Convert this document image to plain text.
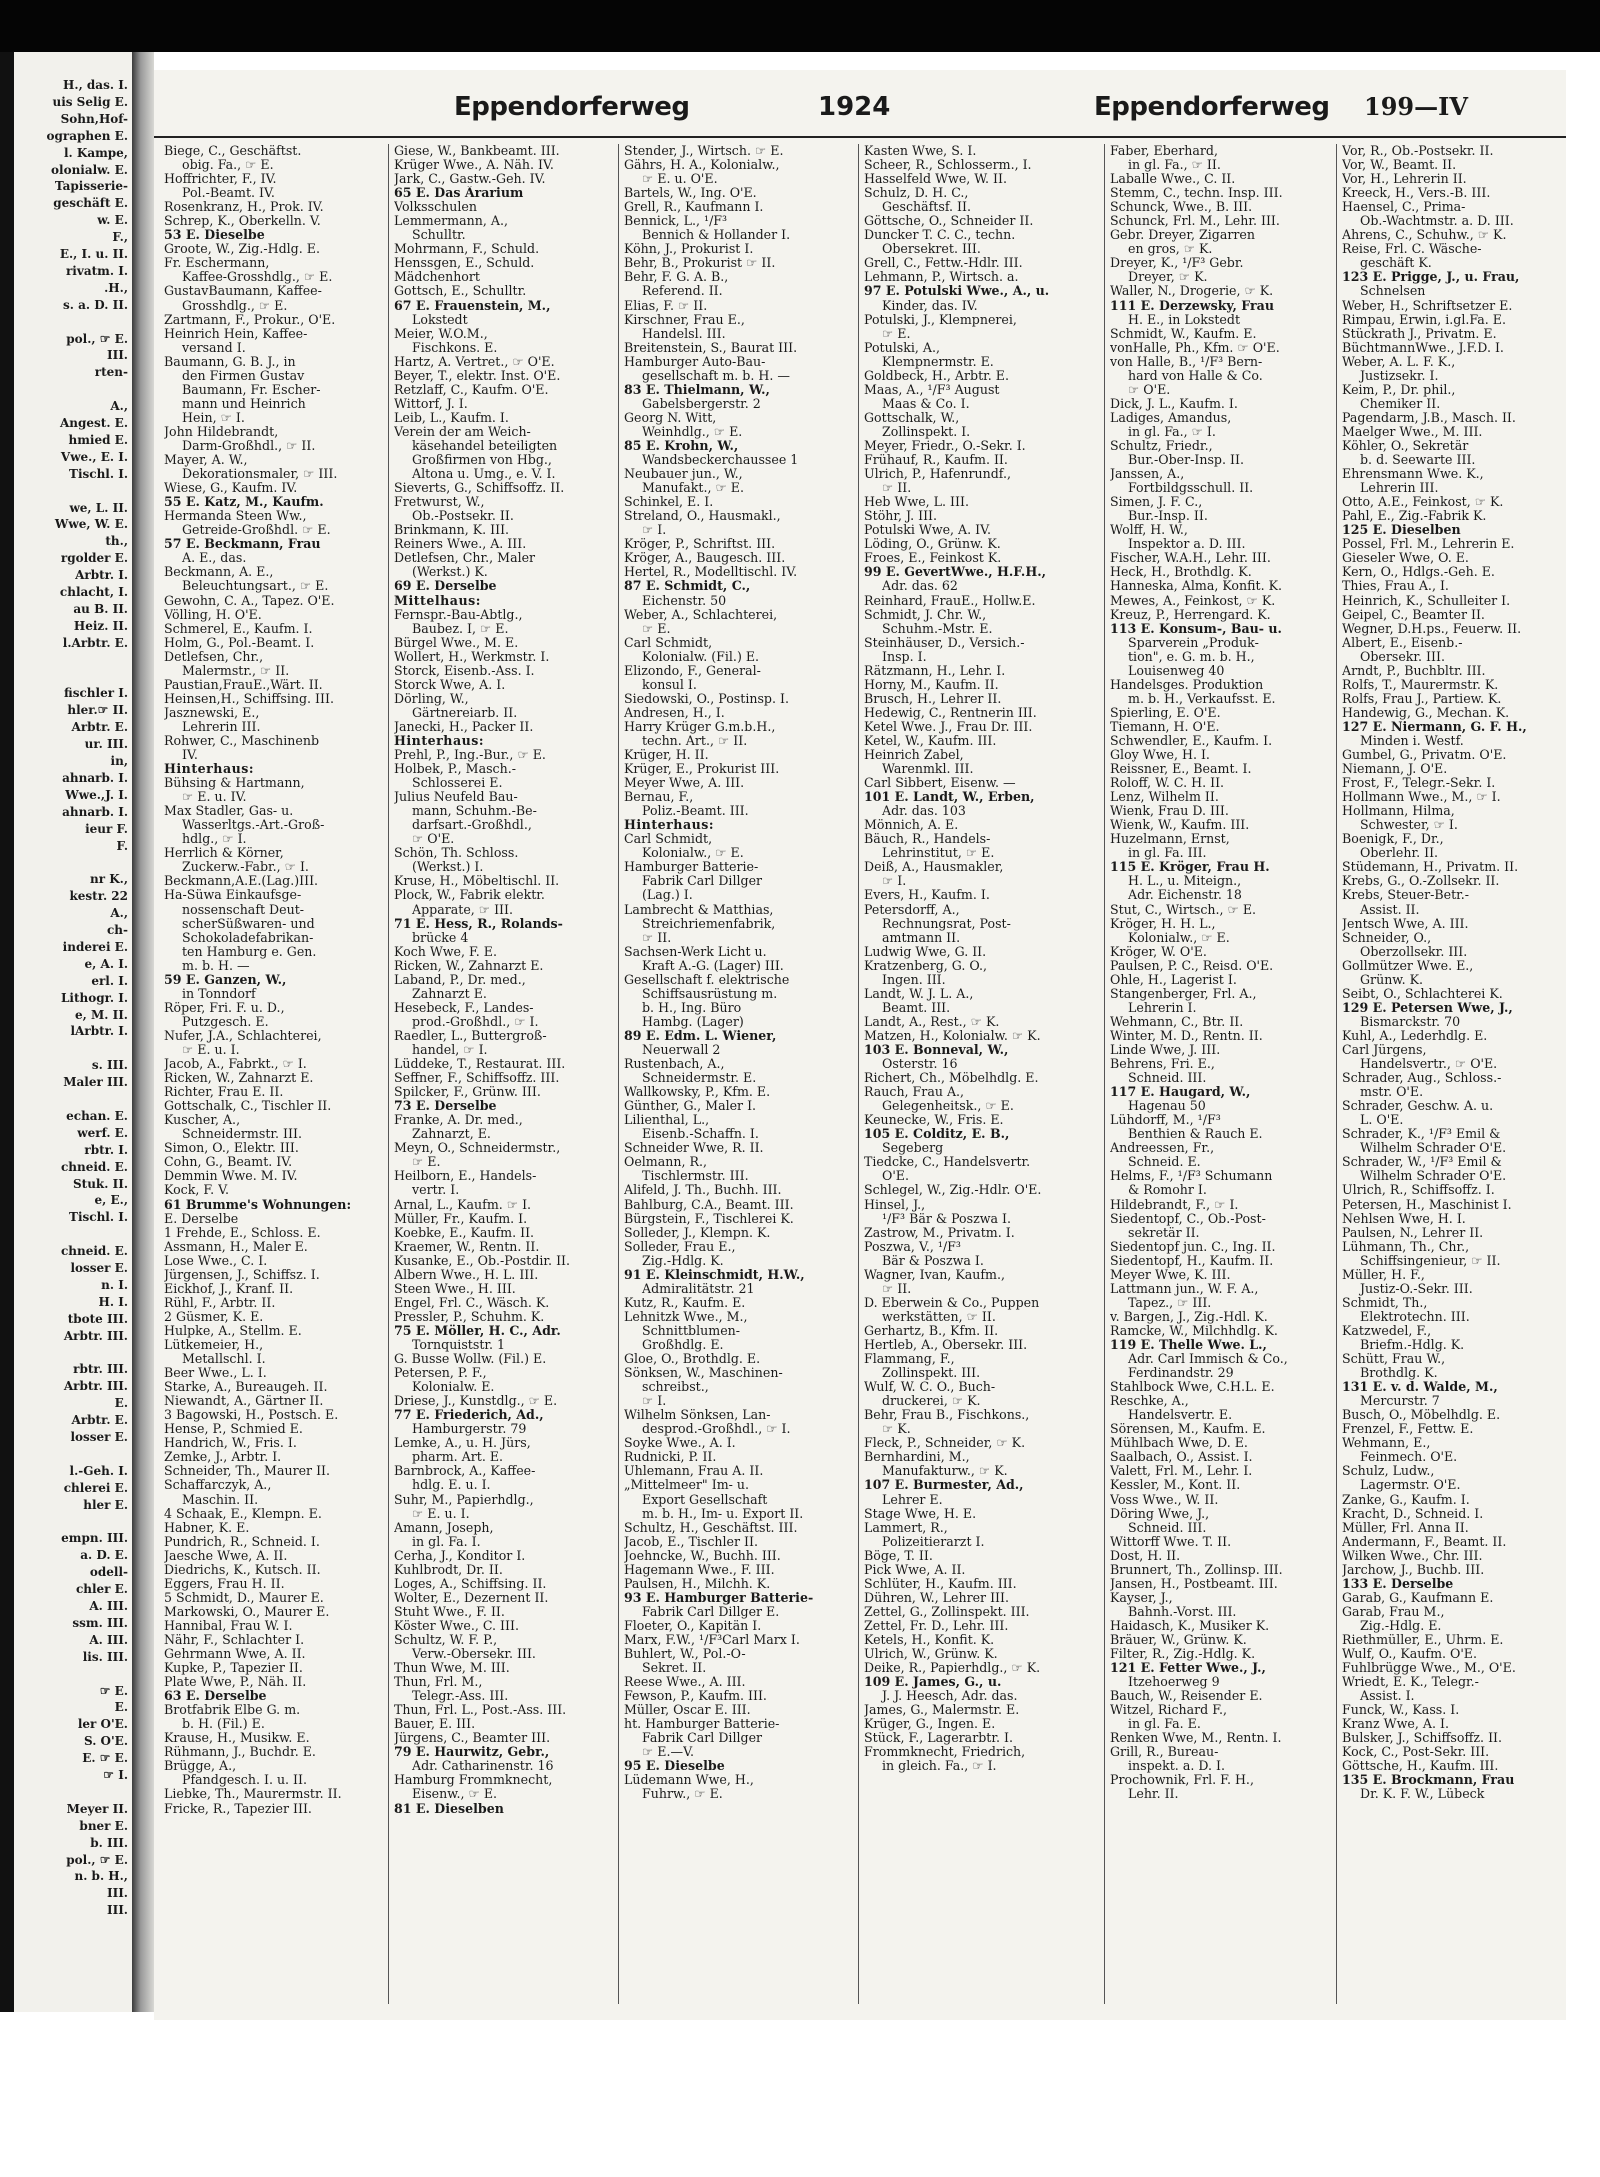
H., das. I.
uis Selig E.
Sohn,Hof-
ographen E.
l. Kampe,
olonialw. E.
Tapisserie-
geschäft E.
w. E.
F.,
E., I. u. II.
rivatm. I.
.H.,
s. a. D. II.
pol., ☞ E.
III.
rten-
A.,
Angest. E.
hmied E.
Vwe., E. I.
Tischl. I.
we, L. II.
Wwe, W. E.
th.,
rgolder E.
Arbtr. I.
chlacht, I.
au B. II.
Heiz. II.
l.Arbtr. E.
fischler I.
hler.☞ II.
Arbtr. E.
ur. III.
in,
ahnarb. I.
Wwe.,J. I.
ahnarb. I.
ieur F.
F.
nr K.,
kestr. 22
A.,
ch-
inderei E.
e, A. I.
erl. I.
Lithogr. I.
e, M. II.
lArbtr. I.
s. III.
Maler III.
echan. E.
werf. E.
rbtr. I.
chneid. E.
Stuk. II.
e, E.,
Tischl. I.
chneid. E.
losser E.
n. I.
H. I.
tbote III.
Arbtr. III.
rbtr. III.
Arbtr. III.
E.
Arbtr. E.
losser E.
l.-Geh. I.
chlerei E.
hler E.
empn. III.
a. D. E.
odell-
chler E.
A. III.
ssm. III.
A. III.
lis. III.
☞ E.
E.
ler O'E.
S. O'E.
E. ☞ E.
☞ I.
Meyer II.
bner E.
b. III.
pol., ☞ E.
n. b. H.,
III.
III.
Eppendorferweg	1924	Eppendorferweg 199—IV
Biege, C., Geschäftst.
obig. Fa., ☞ E.
Hoffrichter, F., IV.
Pol.-Beamt. IV.
Rosenkranz, H., Prok. IV.
Schrep, K., Oberkelln. V.
53 E. Dieselbe
Groote, W., Zig.-Hdlg. E.
Fr. Eschermann,
Kaffee-Grosshdlg., ☞ E.
GustavBaumann, Kaffee-
Grosshdlg., ☞ E.
Zartmann, F., Prokur., O'E.
Heinrich Hein, Kaffee-
versand I.
Baumann, G. B. J., in
den Firmen Gustav
Baumann, Fr. Escher-
mann und Heinrich
Hein, ☞ I.
John Hildebrandt,
Darm-Großhdl., ☞ II.
Mayer, A. W.,
Dekorationsmaler, ☞ III.
Wiese, G., Kaufm. IV.
55 E. Katz, M., Kaufm.
Hermanda Steen Ww.,
Getreide-Großhdl. ☞ E.
57 E. Beckmann, Frau
A. E., das.
Beckmann, A. E.,
Beleuchtungsart., ☞ E.
Gewohn, C. A., Tapez. O'E.
Völling, H. O'E.
Schmerel, E., Kaufm. I.
Holm, G., Pol.-Beamt. I.
Detlefsen, Chr.,
Malermstr., ☞ II.
Paustian,FrauE.,Wärt. II.
Heinsen,H., Schiffsing. III.
Jasznewski, E.,
Lehrerin III.
Rohwer, C., Maschinenb
IV.
Hinterhaus:
Bühsing & Hartmann,
☞ E. u. IV.
Max Stadler, Gas- u.
Wasserltgs.-Art.-Groß-
hdlg., ☞ I.
Herrlich & Körner,
Zuckerw.-Fabr., ☞ I.
Beckmann,A.E.(Lag.)III.
Ha-Süwa Einkaufsge-
nossenschaft Deut-
scherSüßwaren- und
Schokoladefabrikan-
ten Hamburg e. Gen.
m. b. H. —
59 E. Ganzen, W.,
in Tonndorf
Röper, Fri. F. u. D.,
Putzgesch. E.
Nufer, J.A., Schlachterei,
☞ E. u. I.
Jacob, A., Fabrkt., ☞ I.
Ricken, W., Zahnarzt E.
Richter, Frau E. II.
Gottschalk, C., Tischler II.
Kuscher, A.,
Schneidermstr. III.
Simon, O., Elektr. III.
Cohn, G., Beamt. IV.
Demmin Wwe. M. IV.
Kock, F. V.
61 Brumme's Wohnungen:
E. Derselbe
1 Frehde, E., Schloss. E.
Assmann, H., Maler E.
Lose Wwe., C. I.
Jürgensen, J., Schiffsz. I.
Eickhof, J., Kranf. II.
Rühl, F., Arbtr. II.
2 Güsmer, K. E.
Hulpke, A., Stellm. E.
Lütkemeier, H.,
Metallschl. I.
Beer Wwe., L. I.
Starke, A., Bureaugeh. II.
Niewandt, A., Gärtner II.
3 Bagowski, H., Postsch. E.
Hense, P., Schmied E.
Handrich, W., Fris. I.
Zemke, J., Arbtr. I.
Schneider, Th., Maurer II.
Schaffarczyk, A.,
Maschin. II.
4 Schaak, E., Klempn. E.
Habner, K. E.
Pundrich, R., Schneid. I.
Jaesche Wwe, A. II.
Diedrichs, K., Kutsch. II.
Eggers, Frau H. II.
5 Schmidt, D., Maurer E.
Markowski, O., Maurer E.
Hannibal, Frau W. I.
Nähr, F., Schlachter I.
Gehrmann Wwe, A. II.
Kupke, P., Tapezier II.
Plate Wwe, P., Näh. II.
63 E. Derselbe
Brotfabrik Elbe G. m.
b. H. (Fil.) E.
Krause, H., Musikw. E.
Rühmann, J., Buchdr. E.
Brügge, A.,
Pfandgesch. I. u. II.
Liebke, Th., Maurermstr. II.
Fricke, R., Tapezier III.
Giese, W., Bankbeamt. III.
Krüger Wwe., A. Näh. IV.
Jark, C., Gastw.-Geh. IV.
65 E. Das Ärarium
Volksschulen
Lemmermann, A.,
Schulltr.
Mohrmann, F., Schuld.
Henssgen, E., Schuld.
Mädchenhort
Gottsch, E., Schulltr.
67 E. Frauenstein, M.,
Lokstedt
Meier, W.O.M.,
Fischkons. E.
Hartz, A. Vertret., ☞ O'E.
Beyer, T., elektr. Inst. O'E.
Retzlaff, C., Kaufm. O'E.
Wittorf, J. I.
Leib, L., Kaufm. I.
Verein der am Weich-
käsehandel beteiligten
Großfirmen von Hbg.,
Altona u. Umg., e. V. I.
Sieverts, G., Schiffsoffz. II.
Fretwurst, W.,
Ob.-Postsekr. II.
Brinkmann, K. III.
Reiners Wwe., A. III.
Detlefsen, Chr., Maler
(Werkst.) K.
69 E. Derselbe
Mittelhaus:
Fernspr.-Bau-Abtlg.,
Baubez. I, ☞ E.
Bürgel Wwe., M. E.
Wollert, H., Werkmstr. I.
Storck, Eisenb.-Ass. I.
Storck Wwe, A. I.
Dörling, W.,
Gärtnereiarb. II.
Janecki, H., Packer II.
Hinterhaus:
Prehl, P., Ing.-Bur., ☞ E.
Holbek, P., Masch.-
Schlosserei E.
Julius Neufeld Bau-
mann, Schuhm.-Be-
darfsart.-Großhdl.,
☞ O'E.
Schön, Th. Schloss.
(Werkst.) I.
Kruse, H., Möbeltischl. II.
Plock, W., Fabrik elektr.
Apparate, ☞ III.
71 E. Hess, R., Rolands-
brücke 4
Koch Wwe, F. E.
Ricken, W., Zahnarzt E.
Laband, P., Dr. med.,
Zahnarzt E.
Hesebeck, F., Landes-
prod.-Großhdl., ☞ I.
Raedler, L., Buttergroß-
handel, ☞ I.
Lüddeke, T., Restaurat. III.
Seffner, F., Schiffsoffz. III.
Spilcker, F., Grünw. III.
73 E. Derselbe
Franke, A. Dr. med.,
Zahnarzt, E.
Meyn, O., Schneidermstr.,
☞ E.
Heilborn, E., Handels-
vertr. I.
Arnal, L., Kaufm. ☞ I.
Müller, Fr., Kaufm. I.
Koebke, E., Kaufm. II.
Kraemer, W., Rentn. II.
Kusanke, E., Ob.-Postdir. II.
Albern Wwe., H. L. III.
Steen Wwe., H. III.
Engel, Frl. C., Wäsch. K.
Pressler, P., Schuhm. K.
75 E. Möller, H. C., Adr.
Tornquiststr. 1
G. Busse Wollw. (Fil.) E.
Petersen, P. F.,
Kolonialw. E.
Driese, J., Kunstdlg., ☞ E.
77 E. Friederich, Ad.,
Hamburgerstr. 79
Lemke, A., u. H. Jürs,
pharm. Art. E.
Barnbrock, A., Kaffee-
hdlg. E. u. I.
Suhr, M., Papierhdlg.,
☞ E. u. I.
Amann, Joseph,
in gl. Fa. I.
Cerha, J., Konditor I.
Kuhlbrodt, Dr. II.
Loges, A., Schiffsing. II.
Wolter, E., Dezernent II.
Stuht Wwe., F. II.
Köster Wwe., C. III.
Schultz, W. F. P.,
Verw.-Obersekr. III.
Thun Wwe, M. III.
Thun, Frl. M.,
Telegr.-Ass. III.
Thun, Frl. L., Post.-Ass. III.
Bauer, E. III.
Jürgens, C., Beamter III.
79 E. Haurwitz, Gebr.,
Adr. Catharinenstr. 16
Hamburg Frommknecht,
Eisenw., ☞ E.
81 E. Dieselben
Stender, J., Wirtsch. ☞ E.
Gährs, H. A., Kolonialw.,
☞ E. u. O'E.
Bartels, W., Ing. O'E.
Grell, R., Kaufmann I.
Bennick, L., ¹/F³
Bennich & Hollander I.
Köhn, J., Prokurist I.
Behr, B., Prokurist ☞ II.
Behr, F. G. A. B.,
Referend. II.
Elias, F. ☞ II.
Kirschner, Frau E.,
Handelsl. III.
Breitenstein, S., Baurat III.
Hamburger Auto-Bau-
gesellschaft m. b. H. —
83 E. Thielmann, W.,
Gabelsbergerstr. 2
Georg N. Witt,
Weinhdlg., ☞ E.
85 E. Krohn, W.,
Wandsbeckerchaussee 1
Neubauer jun., W.,
Manufakt., ☞ E.
Schinkel, E. I.
Streland, O., Hausmakl.,
☞ I.
Kröger, P., Schriftst. III.
Kröger, A., Baugesch. III.
Hertel, R., Modelltischl. IV.
87 E. Schmidt, C.,
Eichenstr. 50
Weber, A., Schlachterei,
☞ E.
Carl Schmidt,
Kolonialw. (Fil.) E.
Elizondo, F., General-
konsul I.
Siedowski, O., Postinsp. I.
Andresen, H., I.
Harry Krüger G.m.b.H.,
techn. Art., ☞ II.
Krüger, H. II.
Krüger, E., Prokurist III.
Meyer Wwe, A. III.
Bernau, F.,
Poliz.-Beamt. III.
Hinterhaus:
Carl Schmidt,
Kolonialw., ☞ E.
Hamburger Batterie-
Fabrik Carl Dillger
(Lag.) I.
Lambrecht & Matthias,
Streichriemenfabrik,
☞ II.
Sachsen-Werk Licht u.
Kraft A.-G. (Lager) III.
Gesellschaft f. elektrische
Schiffsausrüstung m.
b. H., Ing. Büro
Hambg. (Lager)
89 E. Edm. L. Wiener,
Neuerwall 2
Rustenbach, A.,
Schneidermstr. E.
Wallkowsky, P., Kfm. E.
Günther, G., Maler I.
Lilienthal, L.,
Eisenb.-Schaffn. I.
Schneider Wwe, R. II.
Oelmann, R.,
Tischlermstr. III.
Alifeld, J. Th., Buchh. III.
Bahlburg, C.A., Beamt. III.
Bürgstein, F., Tischlerei K.
Solleder, J., Klempn. K.
Solleder, Frau E.,
Zig.-Hdlg. K.
91 E. Kleinschmidt, H.W.,
Admiralitätstr. 21
Kutz, R., Kaufm. E.
Lehnitzk Wwe., M.,
Schnittblumen-
Großhdlg. E.
Gloe, O., Brothdlg. E.
Sönksen, W., Maschinen-
schreibst.,
☞ I.
Wilhelm Sönksen, Lan-
desprod.-Großhdl., ☞ I.
Soyke Wwe., A. I.
Rudnicki, P. II.
Uhlemann, Frau A. II.
„Mittelmeer" Im- u.
Export Gesellschaft
m. b. H., Im- u. Export II.
Schultz, H., Geschäftst. III.
Jacob, E., Tischler II.
Joehncke, W., Buchh. III.
Hagemann Wwe., F. III.
Paulsen, H., Milchh. K.
93 E. Hamburger Batterie-
Fabrik Carl Dillger E.
Floeter, O., Kapitän I.
Marx, F.W., ¹/F³Carl Marx I.
Buhlert, W., Pol.-O-
Sekret. II.
Reese Wwe., A. III.
Fewson, P., Kaufm. III.
Müller, Oscar E. III.
ht. Hamburger Batterie-
Fabrik Carl Dillger
☞ E.—V.
95 E. Dieselbe
Lüdemann Wwe, H.,
Fuhrw., ☞ E.
Kasten Wwe, S. I.
Scheer, R., Schlosserm., I.
Hasselfeld Wwe, W. II.
Schulz, D. H. C.,
Geschäftsf. II.
Göttsche, O., Schneider II.
Duncker T. C. C., techn.
Obersekret. III.
Grell, C., Fettw.-Hdlr. III.
Lehmann, P., Wirtsch. a.
97 E. Potulski Wwe., A., u.
Kinder, das. IV.
Potulski, J., Klempnerei,
☞ E.
Potulski, A.,
Klempnermstr. E.
Goldbeck, H., Arbtr. E.
Maas, A., ¹/F³ August
Maas & Co. I.
Gottschalk, W.,
Zollinspekt. I.
Meyer, Friedr., O.-Sekr. I.
Frühauf, R., Kaufm. II.
Ulrich, P., Hafenrundf.,
☞ II.
Heb Wwe, L. III.
Stöhr, J. III.
Potulski Wwe, A. IV.
Löding, O., Grünw. K.
Froes, E., Feinkost K.
99 E. GevertWwe., H.F.H.,
Adr. das. 62
Reinhard, FrauE., Hollw.E.
Schmidt, J. Chr. W.,
Schuhm.-Mstr. E.
Steinhäuser, D., Versich.-
Insp. I.
Rätzmann, H., Lehr. I.
Horny, M., Kaufm. II.
Brusch, H., Lehrer II.
Hedewig, C., Rentnerin III.
Ketel Wwe. J., Frau Dr. III.
Ketel, W., Kaufm. III.
Heinrich Zabel,
Warenmkl. III.
Carl Sibbert, Eisenw. —
101 E. Landt, W., Erben,
Adr. das. 103
Mönnich, A. E.
Bäuch, R., Handels-
Lehrinstitut, ☞ E.
Deiß, A., Hausmakler,
☞ I.
Evers, H., Kaufm. I.
Petersdorff, A.,
Rechnungsrat, Post-
amtmann II.
Ludwig Wwe, G. II.
Kratzenberg, G. O.,
Ingen. III.
Landt, W. J. L. A.,
Beamt. III.
Landt, A., Rest., ☞ K.
Matzen, H., Kolonialw. ☞ K.
103 E. Bonneval, W.,
Osterstr. 16
Richert, Ch., Möbelhdlg. E.
Rauch, Frau A.,
Gelegenheitsk., ☞ E.
Keunecke, W., Fris. E.
105 E. Colditz, E. B.,
Segeberg
Tiedcke, C., Handelsvertr.
O'E.
Schlegel, W., Zig.-Hdlr. O'E.
Hinsel, J.,
¹/F³ Bär & Poszwa I.
Zastrow, M., Privatm. I.
Poszwa, V., ¹/F³
Bär & Poszwa I.
Wagner, Ivan, Kaufm.,
☞ II.
D. Eberwein & Co., Puppen
werkstätten, ☞ II.
Gerhartz, B., Kfm. II.
Hertleb, A., Obersekr. III.
Flammang, F.,
Zollinspekt. III.
Wulf, W. C. O., Buch-
druckerei, ☞ K.
Behr, Frau B., Fischkons.,
☞ K.
Fleck, P., Schneider, ☞ K.
Bernhardini, M.,
Manufakturw., ☞ K.
107 E. Burmester, Ad.,
Lehrer E.
Stage Wwe, H. E.
Lammert, R.,
Polizeitierarzt I.
Böge, T. II.
Pick Wwe, A. II.
Schlüter, H., Kaufm. III.
Dühren, W., Lehrer III.
Zettel, G., Zollinspekt. III.
Zettel, Fr. D., Lehr. III.
Ketels, H., Konfit. K.
Ulrich, W., Grünw. K.
Deike, R., Papierhdlg., ☞ K.
109 E. James, G., u.
J. J. Heesch, Adr. das.
James, G., Malermstr. E.
Krüger, G., Ingen. E.
Stück, F., Lagerarbtr. I.
Frommknecht, Friedrich,
in gleich. Fa., ☞ I.
Faber, Eberhard,
in gl. Fa., ☞ II.
Laballe Wwe., C. II.
Stemm, C., techn. Insp. III.
Schunck, Wwe., B. III.
Schunck, Frl. M., Lehr. III.
Gebr. Dreyer, Zigarren
en gros, ☞ K.
Dreyer, K., ¹/F³ Gebr.
Dreyer, ☞ K.
Waller, N., Drogerie, ☞ K.
111 E. Derzewsky, Frau
H. E., in Lokstedt
Schmidt, W., Kaufm. E.
vonHalle, Ph., Kfm. ☞ O'E.
von Halle, B., ¹/F³ Bern-
hard von Halle & Co.
☞ O'E.
Dick, J. L., Kaufm. I.
Ladiges, Amandus,
in gl. Fa., ☞ I.
Schultz, Friedr.,
Bur.-Ober-Insp. II.
Janssen, A.,
Fortbildgsschull. II.
Simen, J. F. C.,
Bur.-Insp. II.
Wolff, H. W.,
Inspektor a. D. III.
Fischer, W.A.H., Lehr. III.
Heck, H., Brothdlg. K.
Hanneska, Alma, Konfit. K.
Mewes, A., Feinkost, ☞ K.
Kreuz, P., Herrengard. K.
113 E. Konsum-, Bau- u.
Sparverein „Produk-
tion", e. G. m. b. H.,
Louisenweg 40
Handelsges. Produktion
m. b. H., Verkaufsst. E.
Spierling, E. O'E.
Tiemann, H. O'E.
Schwendler, E., Kaufm. I.
Gloy Wwe, H. I.
Reissner, E., Beamt. I.
Roloff, W. C. H. II.
Lenz, Wilhelm II.
Wienk, Frau D. III.
Wienk, W., Kaufm. III.
Huzelmann, Ernst,
in gl. Fa. III.
115 E. Kröger, Frau H.
H. L., u. Miteign.,
Adr. Eichenstr. 18
Stut, C., Wirtsch., ☞ E.
Kröger, H. H. L.,
Kolonialw., ☞ E.
Kröger, W. O'E.
Paulsen, P. C., Reisd. O'E.
Ohle, H., Lagerist I.
Stangenberger, Frl. A.,
Lehrerin I.
Wehmann, C., Btr. II.
Winter, M. D., Rentn. II.
Linde Wwe, J. III.
Behrens, Fri. E.,
Schneid. III.
117 E. Haugard, W.,
Hagenau 50
Lühdorff, M., ¹/F³
Benthien & Rauch E.
Andreessen, Fr.,
Schneid. E.
Helms, F., ¹/F³ Schumann
& Romohr I.
Hildebrandt, F., ☞ I.
Siedentopf, C., Ob.-Post-
sekretär II.
Siedentopf jun. C., Ing. II.
Siedentopf, H., Kaufm. II.
Meyer Wwe, K. III.
Lattmann jun., W. F. A.,
Tapez., ☞ III.
v. Bargen, J., Zig.-Hdl. K.
Ramcke, W., Milchhdlg. K.
119 E. Thelle Wwe. L.,
Adr. Carl Immisch & Co.,
Ferdinandstr. 29
Stahlbock Wwe, C.H.L. E.
Reschke, A.,
Handelsvertr. E.
Sörensen, M., Kaufm. E.
Mühlbach Wwe, D. E.
Saalbach, O., Assist. I.
Valett, Frl. M., Lehr. I.
Kessler, M., Kont. II.
Voss Wwe., W. II.
Döring Wwe, J.,
Schneid. III.
Wittorff Wwe. T. II.
Dost, H. II.
Brunnert, Th., Zollinsp. III.
Jansen, H., Postbeamt. III.
Kayser, J.,
Bahnh.-Vorst. III.
Haidasch, K., Musiker K.
Bräuer, W., Grünw. K.
Filter, R., Zig.-Hdlg. K.
121 E. Fetter Wwe., J.,
Itzehoerweg 9
Bauch, W., Reisender E.
Witzel, Richard F.,
in gl. Fa. E.
Renken Wwe, M., Rentn. I.
Grill, R., Bureau-
inspekt. a. D. I.
Prochownik, Frl. F. H.,
Lehr. II.
Vor, R., Ob.-Postsekr. II.
Vor, W., Beamt. II.
Vor, H., Lehrerin II.
Kreeck, H., Vers.-B. III.
Haensel, C., Prima-
Ob.-Wachtmstr. a. D. III.
Ahrens, C., Schuhw., ☞ K.
Reise, Frl. C. Wäsche-
geschäft K.
123 E. Prigge, J., u. Frau,
Schnelsen
Weber, H., Schriftsetzer E.
Rimpau, Erwin, i.gl.Fa. E.
Stückrath J., Privatm. E.
BüchtmannWwe., J.F.D. I.
Weber, A. L. F. K.,
Justizsekr. I.
Keim, P., Dr. phil.,
Chemiker II.
Pagendarm, J.B., Masch. II.
Maelger Wwe., M. III.
Köhler, O., Sekretär
b. d. Seewarte III.
Ehrensmann Wwe. K.,
Lehrerin III.
Otto, A.E., Feinkost, ☞ K.
Pahl, E., Zig.-Fabrik K.
125 E. Dieselben
Possel, Frl. M., Lehrerin E.
Gieseler Wwe, O. E.
Kern, O., Hdlgs.-Geh. E.
Thies, Frau A., I.
Heinrich, K., Schulleiter I.
Geipel, C., Beamter II.
Wegner, D.H.ps., Feuerw. II.
Albert, E., Eisenb.-
Obersekr. III.
Arndt, P., Buchbltr. III.
Rolfs, T., Maurermstr. K.
Rolfs, Frau J., Partiew. K.
Handewig, G., Mechan. K.
127 E. Niermann, G. F. H.,
Minden i. Westf.
Gumbel, G., Privatm. O'E.
Niemann, J. O'E.
Frost, F., Telegr.-Sekr. I.
Hollmann Wwe., M., ☞ I.
Hollmann, Hilma,
Schwester, ☞ I.
Boenigk, F., Dr.,
Oberlehr. II.
Stüdemann, H., Privatm. II.
Krebs, G., O.-Zollsekr. II.
Krebs, Steuer-Betr.-
Assist. II.
Jentsch Wwe, A. III.
Schneider, O.,
Oberzollsekr. III.
Gollmützer Wwe. E.,
Grünw. K.
Seibt, O., Schlachterei K.
129 E. Petersen Wwe, J.,
Bismarckstr. 70
Kuhl, A., Lederhdlg. E.
Carl Jürgens,
Handelsvertr., ☞ O'E.
Schrader, Aug., Schloss.-
mstr. O'E.
Schrader, Geschw. A. u.
L. O'E.
Schrader, K., ¹/F³ Emil &
Wilhelm Schrader O'E.
Schrader, W., ¹/F³ Emil &
Wilhelm Schrader O'E.
Ulrich, R., Schiffsoffz. I.
Petersen, H., Maschinist I.
Nehlsen Wwe, H. I.
Paulsen, N., Lehrer II.
Lühmann, Th., Chr.,
Schiffsingenieur, ☞ II.
Müller, H. F.,
Justiz-O.-Sekr. III.
Schmidt, Th.,
Elektrotechn. III.
Katzwedel, F.,
Briefm.-Hdlg. K.
Schütt, Frau W.,
Brothdlg. K.
131 E. v. d. Walde, M.,
Mercurstr. 7
Busch, O., Möbelhdlg. E.
Frenzel, F., Fettw. E.
Wehmann, E.,
Feinmech. O'E.
Schulz, Ludw.,
Lagermstr. O'E.
Zanke, G., Kaufm. I.
Kracht, D., Schneid. I.
Müller, Frl. Anna II.
Andermann, F., Beamt. II.
Wilken Wwe., Chr. III.
Jarchow, J., Buchb. III.
133 E. Derselbe
Garab, G., Kaufmann E.
Garab, Frau M.,
Zig.-Hdlg. E.
Riethmüller, E., Uhrm. E.
Wulf, O., Kaufm. O'E.
Fuhlbrügge Wwe., M., O'E.
Wriedt, E. K., Telegr.-
Assist. I.
Funck, W., Kass. I.
Kranz Wwe, A. I.
Bulsker, J., Schiffsoffz. II.
Kock, C., Post-Sekr. III.
Göttsche, H., Kaufm. III.
135 E. Brockmann, Frau
Dr. K. F. W., Lübeck
